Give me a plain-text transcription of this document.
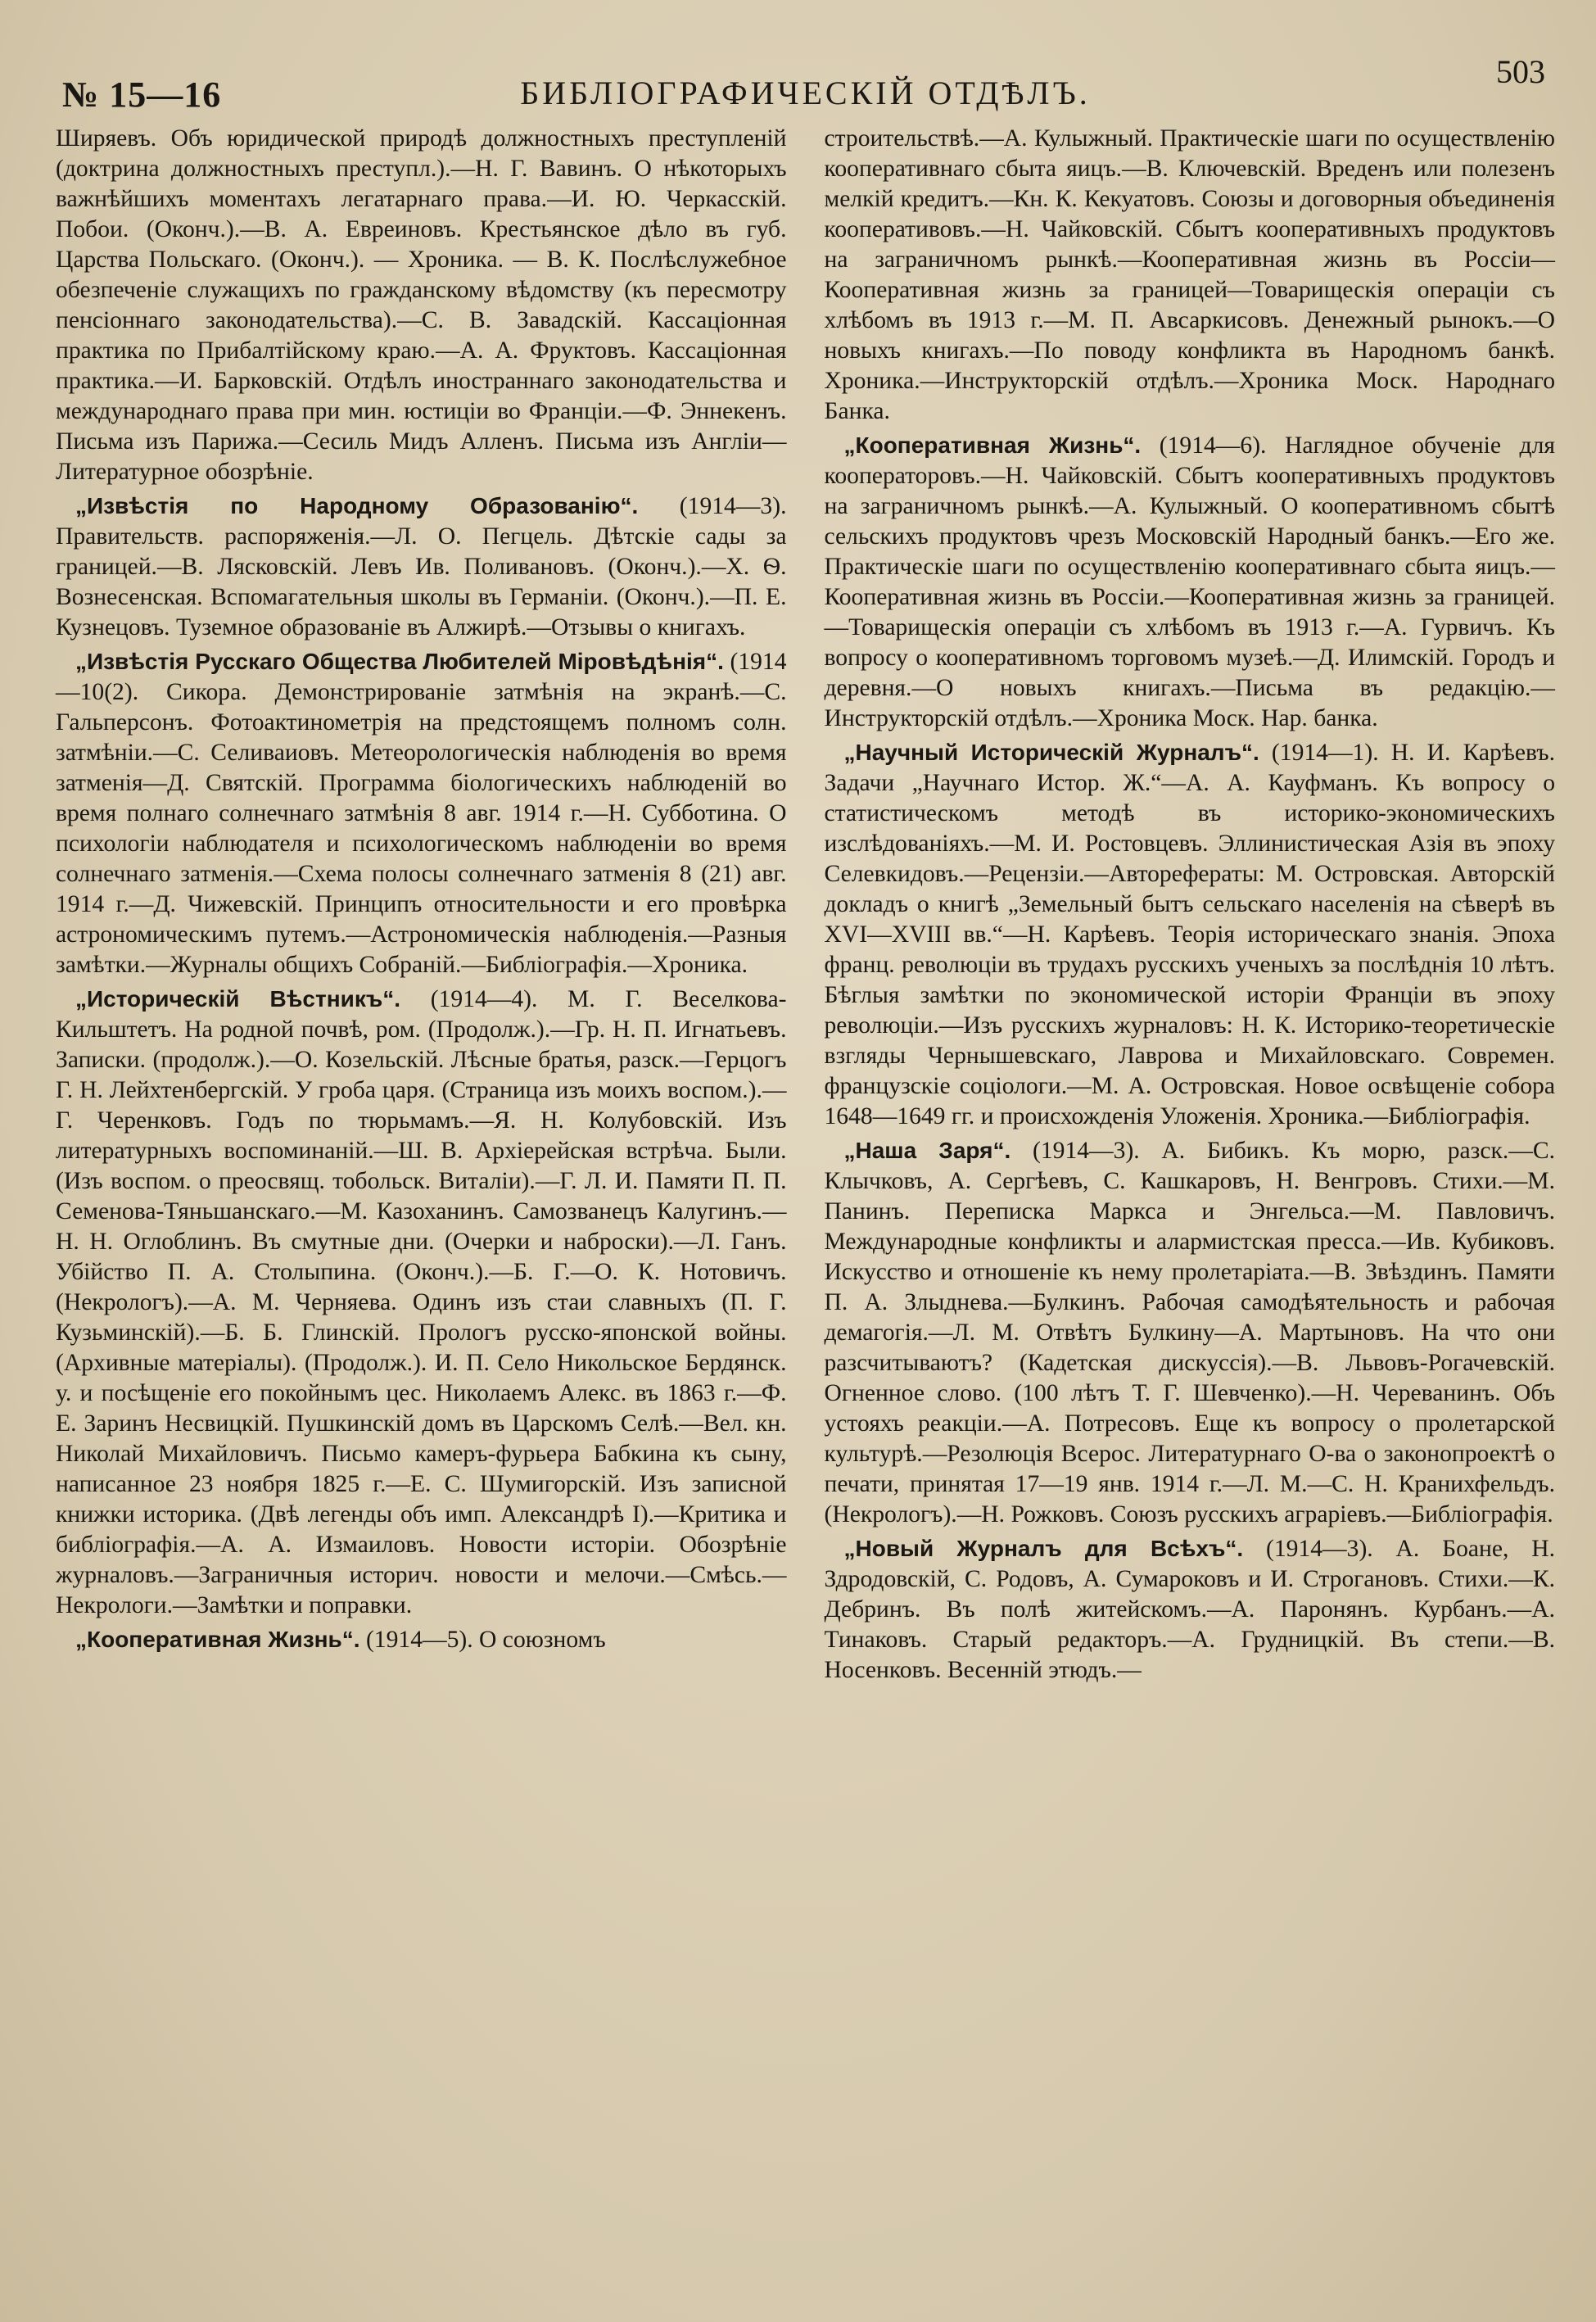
№ 15—16	БИБЛІОГРАФИЧЕСКІЙ ОТДѢЛЪ.
503

Ширяевъ. Объ юридической природѣ должностныхъ преступленій (доктрина должностныхъ преступл.).—Н. Г. Вавинъ. О нѣкоторыхъ важнѣйшихъ моментахъ легатарнаго права.—И. Ю. Черкасскій. Побои. (Оконч.).—В. А. Евреиновъ. Крестьянское дѣло въ губ. Царства Польскаго. (Оконч.). — Хроника. — В. К. Послѣслужебное обезпеченіе служащихъ по гражданскому вѣдомству (къ пересмотру пенсіоннаго законодательства).—С. В. Завадскій. Кассаціонная практика по Прибалтійскому краю.—А. А. Фруктовъ. Кассаціонная практика.—И. Барковскій. Отдѣлъ иностраннаго законодательства и международнаго права при мин. юстиціи во Франціи.—Ф. Эннекенъ. Письма изъ Парижа.—Сесиль Мидъ Алленъ. Письма изъ Англіи—Литературное обозрѣніе.

„Извѣстія по Народному Образованію“. (1914—3). Правительств. распоряженія.—Л. О. Пегцель. Дѣтскіе сады за границей.—В. Лясковскій. Левъ Ив. Поливановъ. (Оконч.).—Х. Ѳ. Вознесенская. Вспомагательныя школы въ Германіи. (Оконч.).—П. Е. Кузнецовъ. Туземное образованіе въ Алжирѣ.—Отзывы о книгахъ.

„Извѣстія Русскаго Общества Любителей Міровѣдѣнія“. (1914—10(2). Сикора. Демонстрированіе затмѣнія на экранѣ.—С. Гальперсонъ. Фотоактинометрія на предстоящемъ полномъ солн. затмѣніи.—С. Селиваиовъ. Метеорологическія наблюденія во время затменія—Д. Святскій. Программа біологическихъ наблюденій во время полнаго солнечнаго затмѣнія 8 авг. 1914 г.—Н. Субботина. О психологіи наблюдателя и психологическомъ наблюденіи во время солнечнаго затменія.—Схема полосы солнечнаго затменія 8 (21) авг. 1914 г.—Д. Чижевскій. Принципъ относительности и его провѣрка астрономическимъ путемъ.—Астрономическія наблюденія.—Разныя замѣтки.—Журналы общихъ Собраній.—Библіографія.—Хроника.

„Историческій Вѣстникъ“. (1914—4). М. Г. Веселкова-Кильштетъ. На родной почвѣ, ром. (Продолж.).—Гр. Н. П. Игнатьевъ. Записки. (продолж.).—О. Козельскій. Лѣсные братья, разск.—Герцогъ Г. Н. Лейхтенбергскій. У гроба царя. (Страница изъ моихъ воспом.).—Г. Черенковъ. Годъ по тюрьмамъ.—Я. Н. Колубовскій. Изъ литературныхъ воспоминаній.—Ш. В. Архіерейская встрѣча. Были. (Изъ воспом. о преосвящ. тобольск. Виталіи).—Г. Л. И. Памяти П. П. Семенова-Тяньшанскаго.—М. Казоханинъ. Самозванецъ Калугинъ.—Н. Н. Оглоблинъ. Въ смутные дни. (Очерки и наброски).—Л. Ганъ. Убійство П. А. Столыпина. (Оконч.).—Б. Г.—О. К. Нотовичъ. (Некрологъ).—А. М. Черняева. Одинъ изъ стаи славныхъ (П. Г. Кузьминскій).—Б. Б. Глинскій. Прологъ русско-японской войны. (Архивные матеріалы). (Продолж.). И. П. Село Никольское Бердянск. у. и посѣщеніе его покойнымъ цес. Николаемъ Алекс. въ 1863 г.—Ф. Е. Заринъ Несвицкій. Пушкинскій домъ въ Царскомъ Селѣ.—Вел. кн. Николай Михайловичъ. Письмо камеръ-фурьера Бабкина къ сыну, написанное 23 ноября 1825 г.—Е. С. Шумигорскій. Изъ записной книжки историка. (Двѣ легенды объ имп. Александрѣ I).—Критика и библіографія.—А. А. Измаиловъ. Новости исторіи. Обозрѣніе журналовъ.—Заграничныя историч. новости и мелочи.—Смѣсь.—Некрологи.—Замѣтки и поправки.

„Кооперативная Жизнь“. (1914—5). О союзномъ

строительствѣ.—А. Кулыжный. Практическіе шаги по осуществленію кооперативнаго сбыта яицъ.—В. Ключевскій. Вреденъ или полезенъ мелкій кредитъ.—Кн. К. Кекуатовъ. Союзы и договорныя объединенія кооперативовъ.—Н. Чайковскій. Сбытъ кооперативныхъ продуктовъ на заграничномъ рынкѣ.—Кооперативная жизнь въ Россіи—Кооперативная жизнь за границей—Товарищескія операціи съ хлѣбомъ въ 1913 г.—М. П. Авсаркисовъ. Денежный рынокъ.—О новыхъ книгахъ.—По поводу конфликта въ Народномъ банкѣ. Хроника.—Инструкторскій отдѣлъ.—Хроника Моск. Народнаго Банка.

„Кооперативная Жизнь“. (1914—6). Наглядное обученіе для кооператоровъ.—Н. Чайковскій. Сбытъ кооперативныхъ продуктовъ на заграничномъ рынкѣ.—А. Кулыжный. О кооперативномъ сбытѣ сельскихъ продуктовъ чрезъ Московскій Народный банкъ.—Его же. Практическіе шаги по осуществленію кооперативнаго сбыта яицъ.—Кооперативная жизнь въ Россіи.—Кооперативная жизнь за границей.—Товарищескія операціи съ хлѣбомъ въ 1913 г.—А. Гурвичъ. Къ вопросу о кооперативномъ торговомъ музеѣ.—Д. Илимскій. Городъ и деревня.—О новыхъ книгахъ.—Письма въ редакцію.—Инструкторскій отдѣлъ.—Хроника Моск. Нар. банка.

„Научный Историческій Журналъ“. (1914—1). Н. И. Карѣевъ. Задачи „Научнаго Истор. Ж.“—А. А. Кауфманъ. Къ вопросу о статистическомъ методѣ въ историко-экономическихъ изслѣдованіяхъ.—М. И. Ростовцевъ. Эллинистическая Азія въ эпоху Селевкидовъ.—Рецензіи.—Авторефераты: М. Островская. Авторскій докладъ о книгѣ „Земельный бытъ сельскаго населенія на сѣверѣ въ XVI—XVIII вв.“—Н. Карѣевъ. Теорія историческаго знанія. Эпоха франц. революціи въ трудахъ русскихъ ученыхъ за послѣднія 10 лѣтъ. Бѣглыя замѣтки по экономической исторіи Франціи въ эпоху революціи.—Изъ русскихъ журналовъ: Н. К. Историко-теоретическіе взгляды Чернышевскаго, Лаврова и Михайловскаго. Современ. французскіе соціологи.—М. А. Островская. Новое освѣщеніе собора 1648—1649 гг. и происхожденія Уложенія. Хроника.—Библіографія.

„Наша Заря“. (1914—3). А. Бибикъ. Къ морю, разск.—С. Клычковъ, А. Сергѣевъ, С. Кашкаровъ, Н. Венгровъ. Стихи.—М. Панинъ. Переписка Маркса и Энгельса.—М. Павловичъ. Международные конфликты и алармистская пресса.—Ив. Кубиковъ. Искусство и отношеніе къ нему пролетаріата.—В. Звѣздинъ. Памяти П. А. Злыднева.—Булкинъ. Рабочая самодѣятельность и рабочая демагогія.—Л. М. Отвѣтъ Булкину—А. Мартыновъ. На что они разсчитываютъ? (Кадетская дискуссія).—В. Львовъ-Рогачевскій. Огненное слово. (100 лѣтъ Т. Г. Шевченко).—Н. Череванинъ. Объ устояхъ реакціи.—А. Потресовъ. Еще къ вопросу о пролетарской культурѣ.—Резолюція Всерос. Литературнаго О-ва о законопроектѣ о печати, принятая 17—19 янв. 1914 г.—Л. М.—С. Н. Кранихфельдъ. (Некрологъ).—Н. Рожковъ. Союзъ русскихъ аграріевъ.—Библіографія.

„Новый Журналъ для Всѣхъ“. (1914—3). А. Боане, Н. Здродовскій, С. Родовъ, А. Сумароковъ и И. Строгановъ. Стихи.—К. Дебринъ. Въ полѣ житейскомъ.—А. Паронянъ. Курбанъ.—А. Тинаковъ. Старый редакторъ.—А. Грудницкій. Въ степи.—В. Носенковъ. Весенній этюдъ.—
